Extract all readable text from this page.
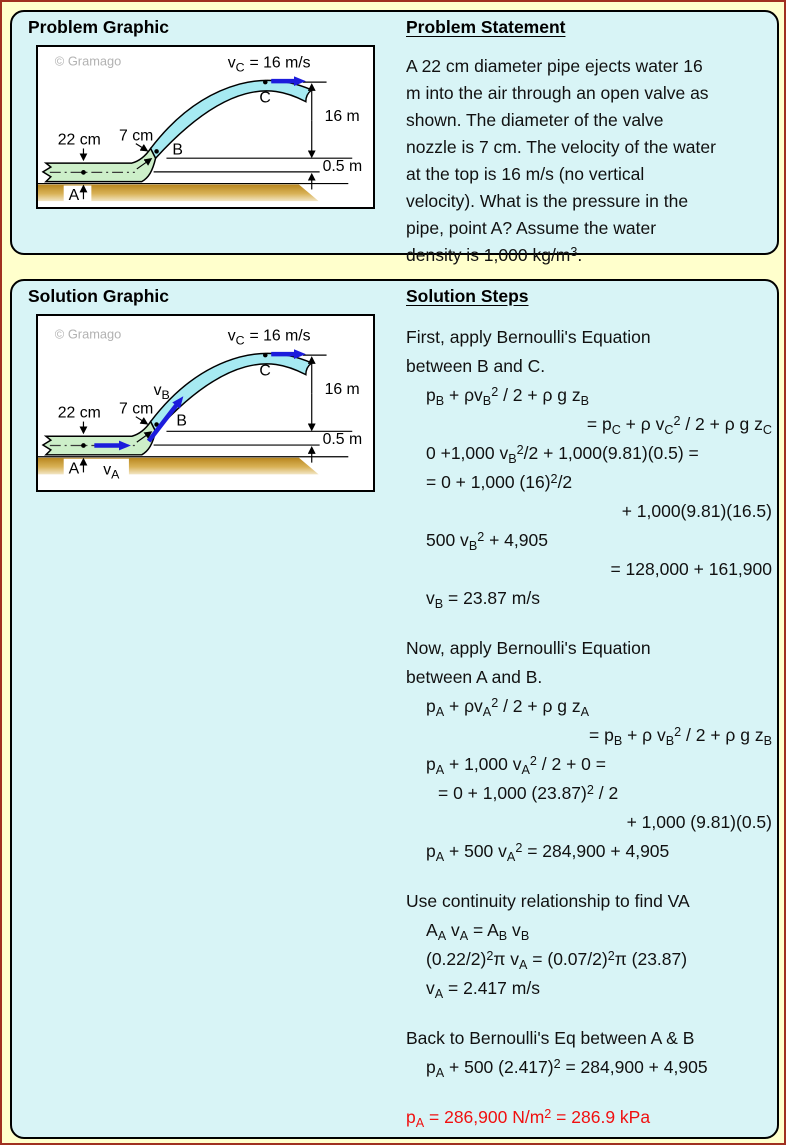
Problem Graphic
© Gramago	$v_C = 16$ m/s
22 cm 7 cm
16 m
0.5 m
A
B
C
Problem Statement
A 22 cm diameter pipe ejects water 16
m into the air through an open valve as
shown. The diameter of the valve
nozzle is 7 cm. The velocity of the water
at the top is 16 m/s (no vertical
velocity). What is the pressure in the
pipe, point A? Assume the water
density is 1,000 $kg/m^3$.
Solution Graphic
© Gramago	$v_C = 16$ m/s
22 cm 7 cm
16 m
0.5 m
A
B
C
$v_A$
$v_B$
Solution Steps
First, apply Bernoulli's Equation
between B and C.
$p_B + \rho v_B^2 / 2 + \rho$ g $z_B$
= $p_C + \rho$ $v_C^2 / 2 + \rho$ g $z_C$
0 +1,000 $v_B^2/2 + 1,000(9.81)(0.5)$ =
= 0 + 1,000 $(16)^2/2$
+ 1,000(9.81)(16.5)
500 $v_B^2 + 4,905$
= 128,000 + 161,900
$v_B = 23.87$ m/s
Now, apply Bernoulli's Equation
between A and B.
$p_A + \rho v_A^2 / 2 + \rho$ g $z_A$
= $p_B + \rho$ $v_B^2 / 2 + \rho$ g $z_B$
$p_A + 1,000$ $v_A^2 / 2 + 0$ =
= 0 + 1,000 $(23.87)^2 / 2$
+ 1,000 (9.81)(0.5)
$p_A + 500$ $v_A^2 = 284,900 + 4,905$
Use continuity relationship to find VA
$A_A$ $v_A = A_B$ $v_B$
$(0.22/2)^2\pi$ $v_A = (0.07/2)^2\pi$ (23.87)
$v_A = 2.417$ m/s
Back to Bernoulli's Eq between A & B
$p_A + 500$ $(2.417)^2 = 284,900 + 4,905$
$p_A = 286,900$ $N/m^2 = 286.9$ kPa
